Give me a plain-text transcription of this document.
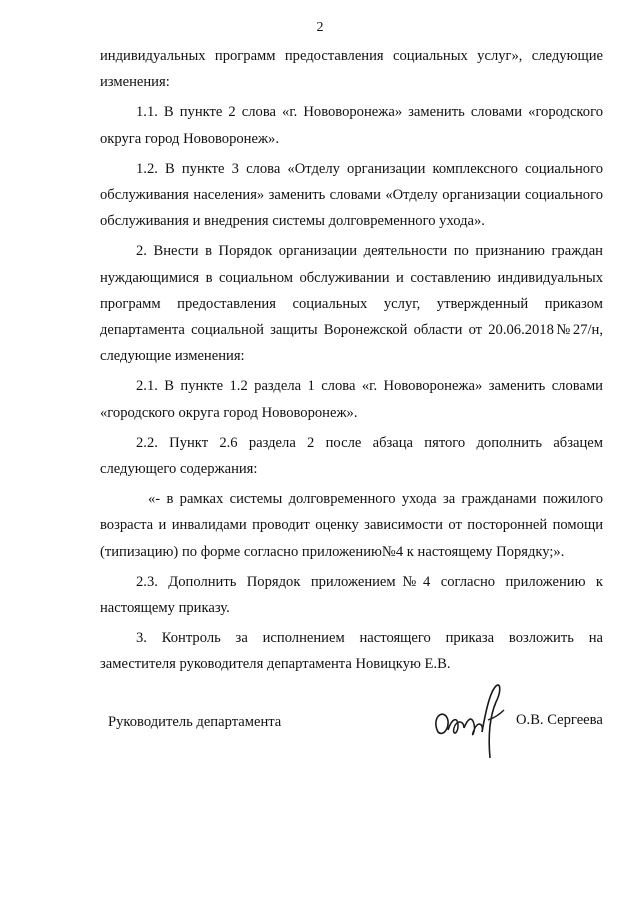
2

индивидуальных программ предоставления социальных услуг», следующие изменения:

1.1. В пункте 2 слова «г. Нововоронежа» заменить словами «городского округа город Нововоронеж».

1.2. В пункте 3 слова «Отделу организации комплексного социального обслуживания населения» заменить словами «Отделу организации социального обслуживания и внедрения системы долговременного ухода».

2. Внести в Порядок организации деятельности по признанию граждан нуждающимися в социальном обслуживании и составлению индивидуальных программ предоставления социальных услуг, утвержденный приказом департамента социальной защиты Воронежской области от 20.06.2018№27/н, следующие изменения:

2.1. В пункте 1.2 раздела 1 слова «г. Нововоронежа» заменить словами «городского округа город Нововоронеж».

2.2. Пункт 2.6 раздела 2 после абзаца пятого дополнить абзацем следующего содержания:

«- в рамках системы долговременного ухода за гражданами пожилого возраста и инвалидами проводит оценку зависимости от посторонней помощи (типизацию) по форме согласно приложению№4 к настоящему Порядку;».

2.3. Дополнить Порядок приложением№4 согласно приложению к настоящему приказу.

3. Контроль за исполнением настоящего приказа возложить на заместителя руководителя департамента Новицкую Е.В.

Руководитель департамента	О.В. Сергеева
